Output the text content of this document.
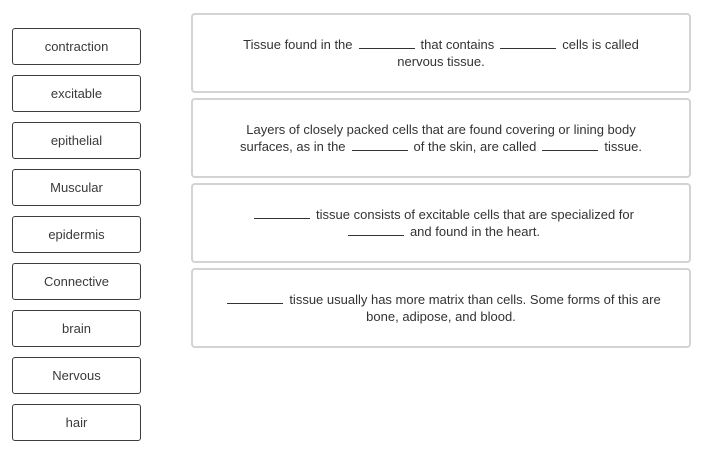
contraction
excitable
epithelial
Muscular
epidermis
Connective
brain
Nervous
hair
Tissue found in the	that contains	cells is called nervous tissue.
Layers of closely packed cells that are found covering or lining body surfaces, as in the	of the skin, are called	tissue.
tissue consists of excitable cells that are specialized forand found in the heart.
tissue usually has more matrix than cells. Some forms of this are bone, adipose, and blood.
